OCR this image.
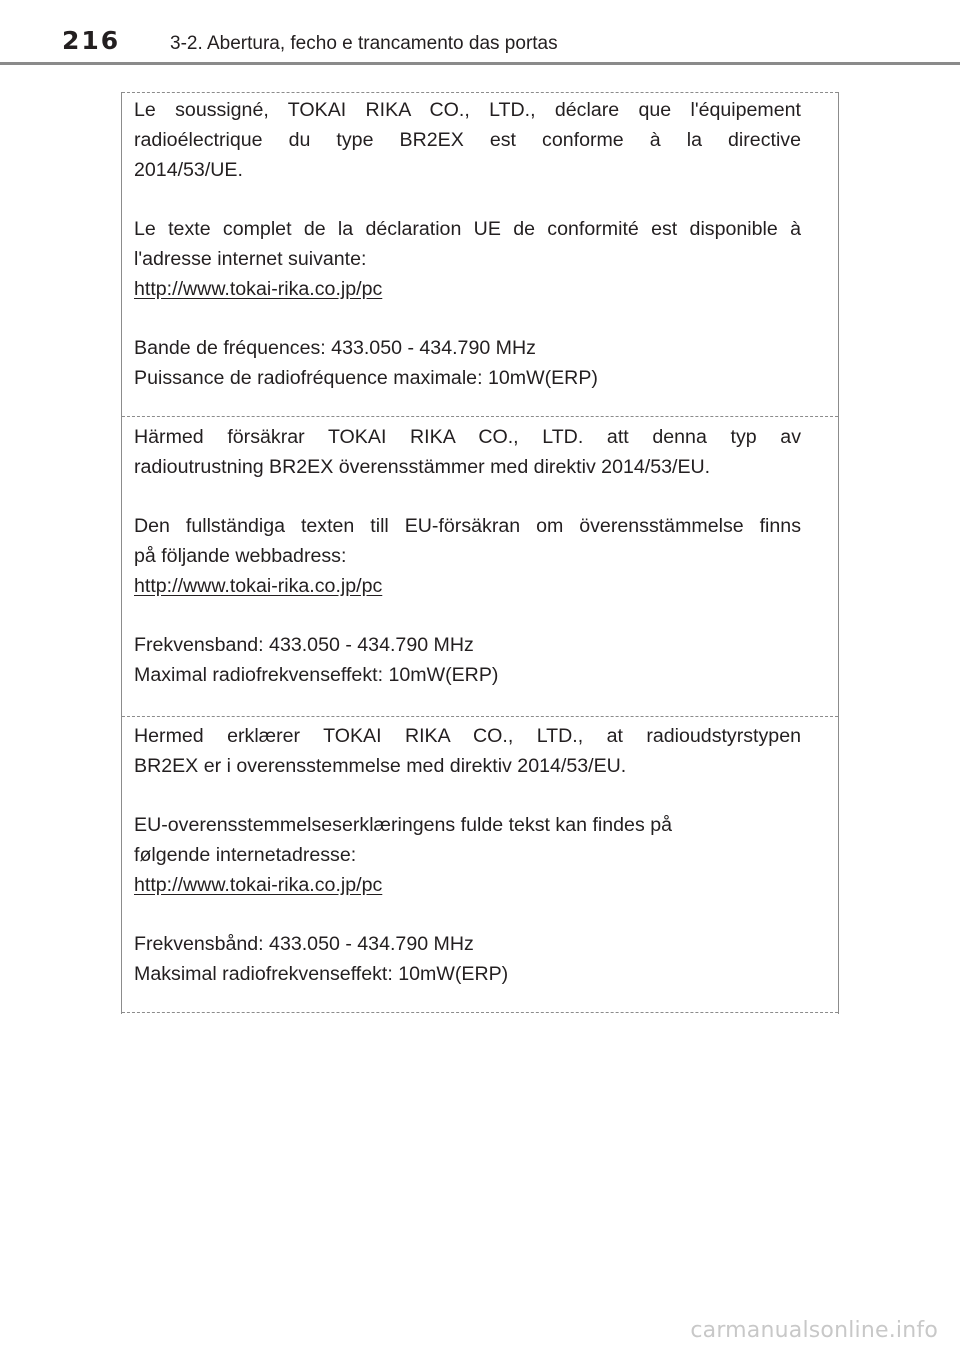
216	3-2. Abertura, fecho e trancamento das portas
Le soussigné, TOKAI RIKA CO., LTD., déclare que l'équipement
radioélectrique du type BR2EX est conforme à la directive
2014/53/UE.
Le texte complet de la déclaration UE de conformité est disponible à
l'adresse internet suivante:
http://www.tokai-rika.co.jp/pc
Bande de fréquences: 433.050 - 434.790 MHz
Puissance de radiofréquence maximale: 10mW(ERP)
Härmed försäkrar TOKAI RIKA CO., LTD. att denna typ av
radioutrustning BR2EX överensstämmer med direktiv 2014/53/EU.
Den fullständiga texten till EU-försäkran om överensstämmelse finns
på följande webbadress:
http://www.tokai-rika.co.jp/pc
Frekvensband: 433.050 - 434.790 MHz
Maximal radiofrekvenseffekt: 10mW(ERP)
Hermed erklærer TOKAI RIKA CO., LTD., at radioudstyrstypen
BR2EX er i overensstemmelse med direktiv 2014/53/EU.
EU-overensstemmelseserklæringens fulde tekst kan findes på
følgende internetadresse:
http://www.tokai-rika.co.jp/pc
Frekvensbånd: 433.050 - 434.790 MHz
Maksimal radiofrekvenseffekt: 10mW(ERP)
carmanualsonline.info
